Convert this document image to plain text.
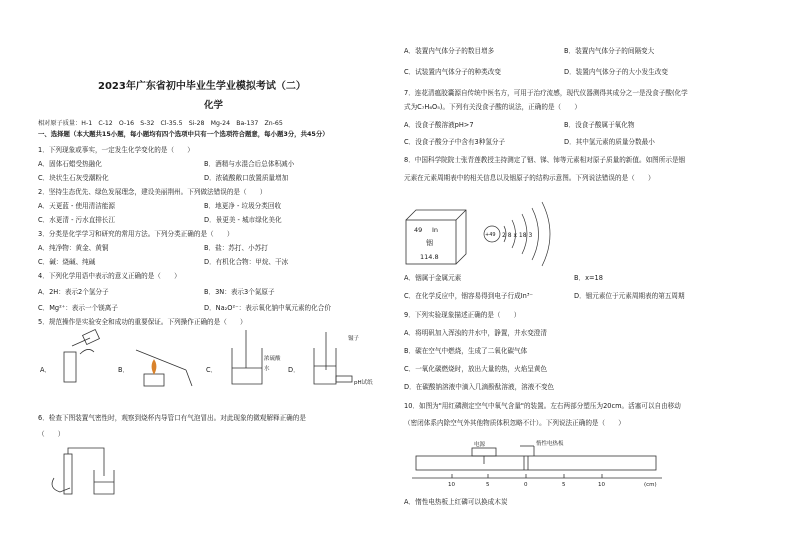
2023年广东省初中毕业生学业模拟考试（二）
化学
相对原子质量：H-1　C-12　O-16　S-32　Cl-35.5　Si-28　Mg-24　Ba-137　Zn-65
一、选择题（本大题共15小题，每小题均有四个选项中只有一个选项符合题意，每小题3分，共45分）
1．下列现象或事实，一定发生化学变化的是（　　）
A．固体石蜡受热融化	B．酒精与水混合后总体积减小
C．块状生石灰受潮粉化	D．浓硫酸敞口放置质量增加
2．坚持生态优先、绿色发展理念，建设美丽荆州。下列做法错误的是（　　）
A．天更蓝 - 使用清洁能源	B．地更净 - 垃圾分类回收
C．水更清 - 污水直排长江	D．景更美 - 城市绿化美化
3．分类是化学学习和研究的常用方法。下列分类正确的是（　　）
A．纯净物：黄金、黄铜	B．盐：苏打、小苏打
C．碱：烧碱、纯碱	D．有机化合物：甲烷、干冰
4．下列化学用语中表示的意义正确的是（　　）
A．2H：表示2个氢分子	B．3N：表示3个氮原子
C．Mg²⁺：表示一个镁离子	D．Na₂O²⁻：表示氧化钠中氧元素的化合价
5．规范操作是实验安全和成功的重要保证。下列操作正确的是（　　）
A．	B．	C．	D．
浓硫酸
水
镊子
pH试纸
6．检查下图装置气密性时，观察到烧杯内导管口有气泡冒出。对此现象的微观解释正确的是
（　　）
A．装置内气体分子的数目增多	B．装置内气体分子的间隔变大
C．试装置内气体分子的种类改变	D．装置内气体分子的大小发生改变
7．连花清瘟胶囊源自传统中医名方，可用于治疗流感，现代仪器测得其成分之一是没食子酸(化学
式为C₇H₆O₅)。下列有关没食子酸的说法，正确的是（　　）
A．没食子酸溶液pH>7	B．没食子酸属于氧化物
C．没食子酸分子中含有3种氢分子	D．其中氢元素的质量分数最小
8．中国科学院院士张青莲教授主持测定了铟、锑、铈等元素相对原子质量的新值。如图所示是铟
元素在元素周期表中的相关信息以及铟原子的结构示意图。下列说法错误的是（　　）
49 In
铟
114.8
+49 2 8 x 18 3
A．铟属于金属元素	B．x=18
C．在化学反应中，铟容易得到电子行成In³⁻	D．铟元素位于元素周期表的第五周期
9．下列实验现象描述正确的是（　　）
A．将明矾加入浑浊的井水中，静置，井水变澄清
B．碳在空气中燃烧，生成了二氧化碳气体
C．一氧化碳燃烧时，放出大量的热，火焰呈黄色
D．在碳酸钠溶液中滴入几滴酚酞溶液，溶液不变色
10．如图为"用红磷测定空气中氧气含量"的装置。左右两部分塑压为20cm。活塞可以自由移动
（密闭体系内除空气外其他物质体积忽略不计）。下列说法正确的是（　　）
电源	惰性电热板
10	5	0	5	10	(cm)
A．惰性电热板上红磷可以换成木炭
